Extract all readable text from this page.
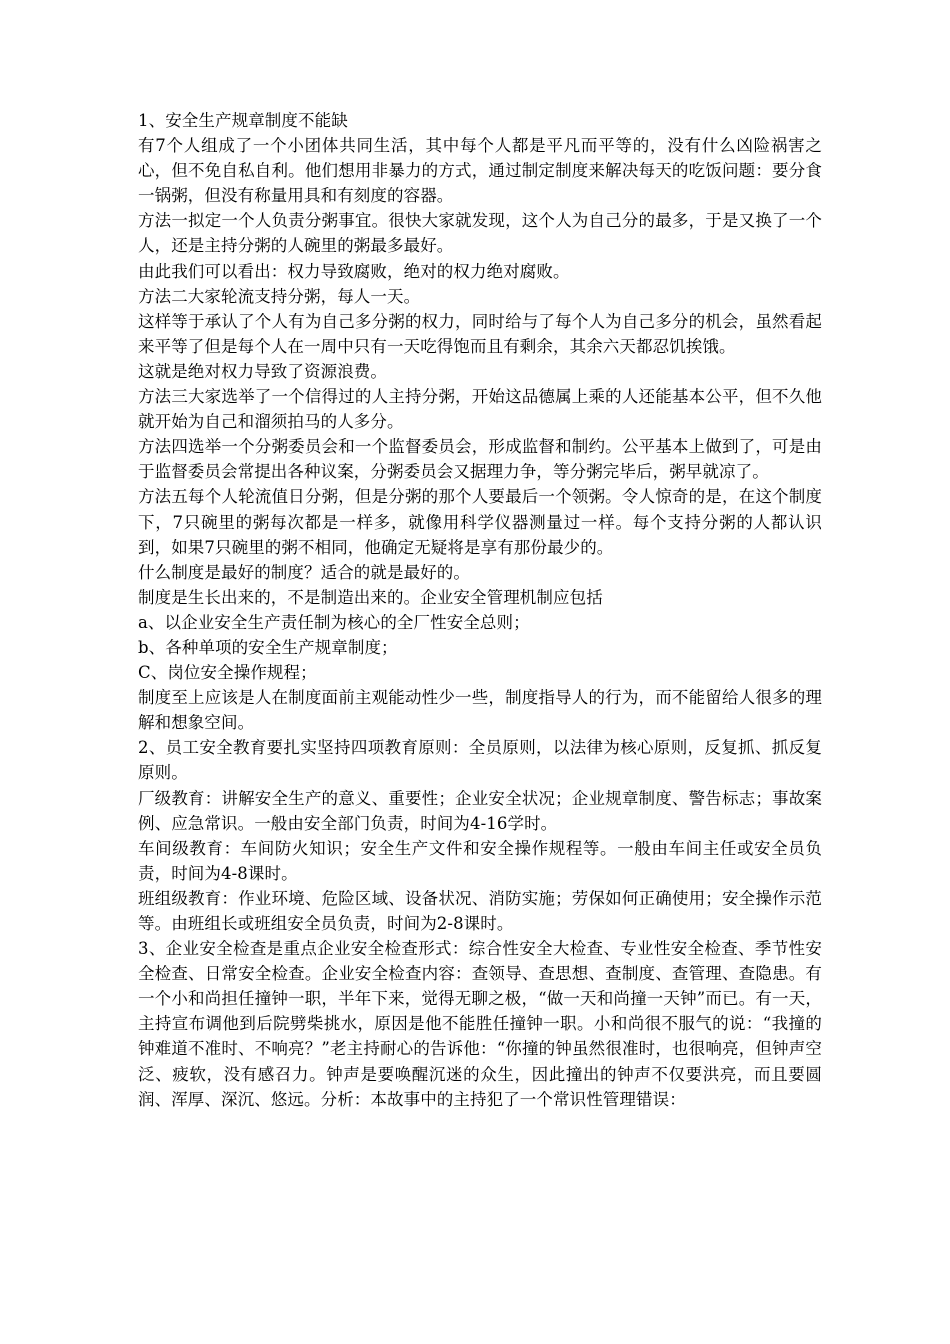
1、安全生产规章制度不能缺

有7个人组成了一个小团体共同生活，其中每个人都是平凡而平等的，没有什么凶险祸害之心，但不免自私自利。他们想用非暴力的方式，通过制定制度来解决每天的吃饭问题：要分食一锅粥，但没有称量用具和有刻度的容器。

方法一拟定一个人负责分粥事宜。很快大家就发现，这个人为自己分的最多，于是又换了一个人，还是主持分粥的人碗里的粥最多最好。

由此我们可以看出：权力导致腐败，绝对的权力绝对腐败。

方法二大家轮流支持分粥，每人一天。

这样等于承认了个人有为自己多分粥的权力，同时给与了每个人为自己多分的机会，虽然看起来平等了但是每个人在一周中只有一天吃得饱而且有剩余，其余六天都忍饥挨饿。

这就是绝对权力导致了资源浪费。

方法三大家选举了一个信得过的人主持分粥，开始这品德属上乘的人还能基本公平，但不久他就开始为自己和溜须拍马的人多分。

方法四选举一个分粥委员会和一个监督委员会，形成监督和制约。公平基本上做到了，可是由于监督委员会常提出各种议案，分粥委员会又据理力争，等分粥完毕后，粥早就凉了。

方法五每个人轮流值日分粥，但是分粥的那个人要最后一个领粥。令人惊奇的是，在这个制度下，7只碗里的粥每次都是一样多，就像用科学仪器测量过一样。每个支持分粥的人都认识到，如果7只碗里的粥不相同，他确定无疑将是享有那份最少的。

什么制度是最好的制度？适合的就是最好的。

制度是生长出来的，不是制造出来的。企业安全管理机制应包括

a、以企业安全生产责任制为核心的全厂性安全总则；

b、各种单项的安全生产规章制度；

C、岗位安全操作规程；

制度至上应该是人在制度面前主观能动性少一些，制度指导人的行为，而不能留给人很多的理解和想象空间。

2、员工安全教育要扎实坚持四项教育原则：全员原则，以法律为核心原则，反复抓、抓反复原则。

厂级教育：讲解安全生产的意义、重要性；企业安全状况；企业规章制度、警告标志；事故案例、应急常识。一般由安全部门负责，时间为4-16学时。

车间级教育：车间防火知识；安全生产文件和安全操作规程等。一般由车间主任或安全员负责，时间为4-8课时。

班组级教育：作业环境、危险区域、设备状况、消防实施；劳保如何正确使用；安全操作示范等。由班组长或班组安全员负责，时间为2-8课时。

3、企业安全检查是重点企业安全检查形式：综合性安全大检查、专业性安全检查、季节性安全检查、日常安全检查。企业安全检查内容：查领导、查思想、查制度、查管理、查隐患。有一个小和尚担任撞钟一职，半年下来，觉得无聊之极，“做一天和尚撞一天钟”而已。有一天，主持宣布调他到后院劈柴挑水，原因是他不能胜任撞钟一职。小和尚很不服气的说：“我撞的钟难道不准时、不响亮？”老主持耐心的告诉他：“你撞的钟虽然很准时，也很响亮，但钟声空泛、疲软，没有感召力。钟声是要唤醒沉迷的众生，因此撞出的钟声不仅要洪亮，而且要圆润、浑厚、深沉、悠远。分析：本故事中的主持犯了一个常识性管理错误：
